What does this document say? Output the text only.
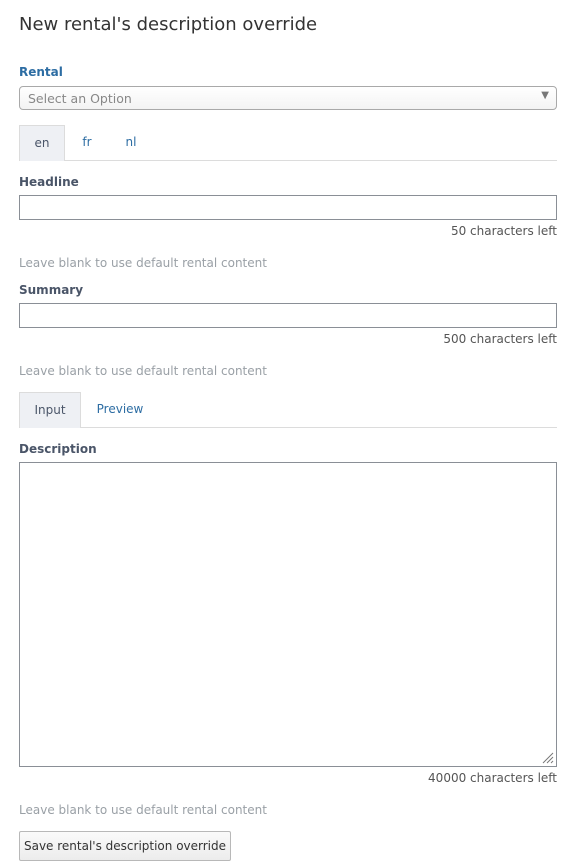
New rental's description override
Rental
Select an Option	▼
en	fr	nl
Headline
50 characters left
Leave blank to use default rental content
Summary
500 characters left
Leave blank to use default rental content
Input	Preview
Description
40000 characters left
Leave blank to use default rental content
Save rental's description override
